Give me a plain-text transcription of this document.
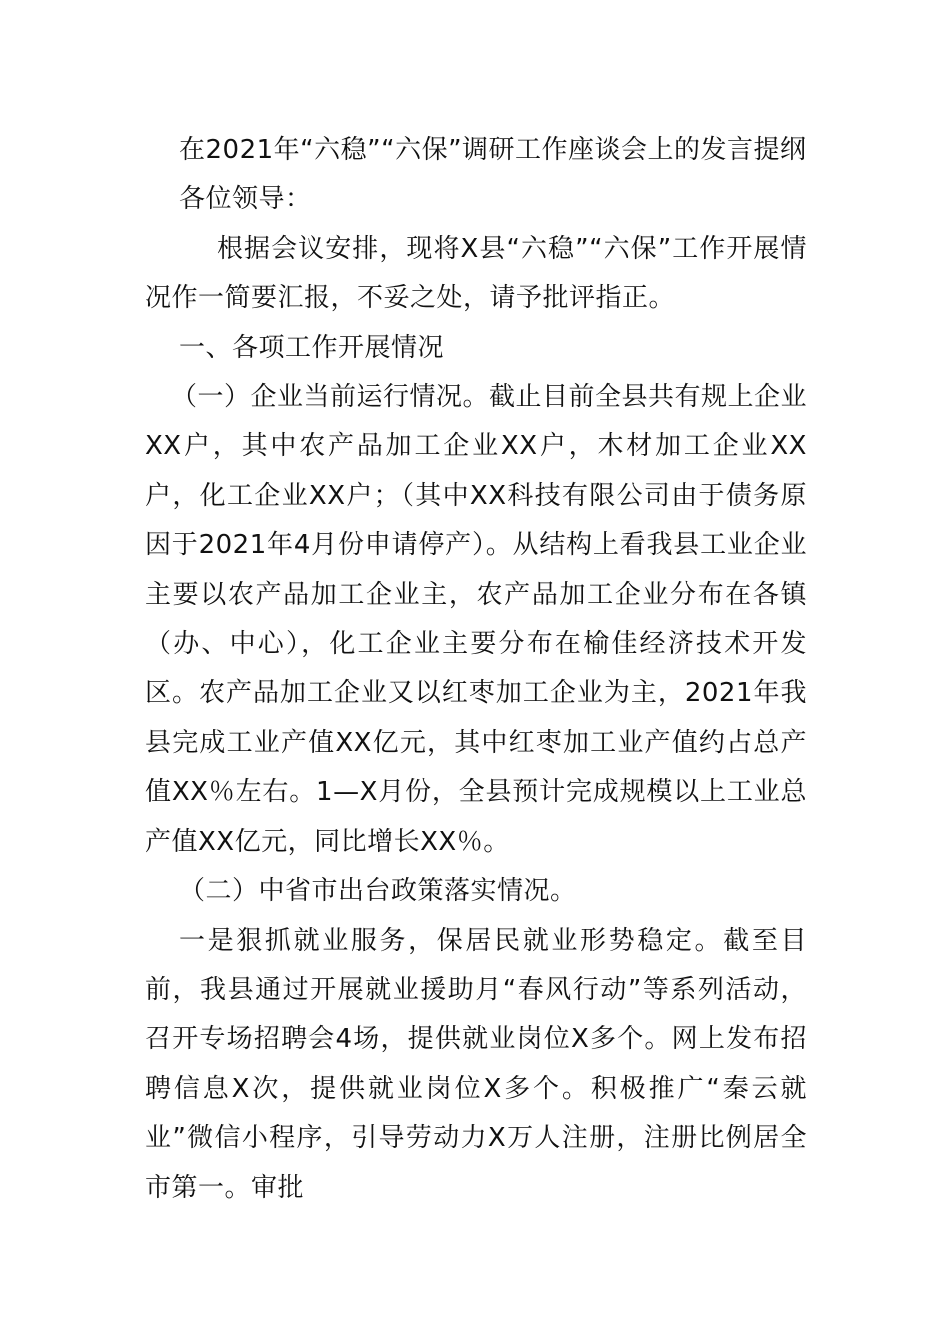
在2021年“六稳”“六保”调研工作座谈会上的发言提纲

各位领导：

根据会议安排，现将X县“六稳”“六保”工作开展情况作一简要汇报，不妥之处，请予批评指正。

一、各项工作开展情况

（一）企业当前运行情况。截止目前全县共有规上企业XX户，其中农产品加工企业XX户，木材加工企业XX户，化工企业XX户；（其中XX科技有限公司由于债务原因于2021年4月份申请停产）。从结构上看我县工业企业主要以农产品加工企业主，农产品加工企业分布在各镇（办、中心），化工企业主要分布在榆佳经济技术开发区。农产品加工企业又以红枣加工企业为主，2021年我县完成工业产值XX亿元，其中红枣加工业产值约占总产值XX％左右。1—X月份，全县预计完成规模以上工业总产值XX亿元，同比增长XX％。

（二）中省市出台政策落实情况。

一是狠抓就业服务，保居民就业形势稳定。截至目前，我县通过开展就业援助月“春风行动”等系列活动，召开专场招聘会4场，提供就业岗位X多个。网上发布招聘信息X次，提供就业岗位X多个。积极推广“秦云就业”微信小程序，引导劳动力X万人注册，注册比例居全市第一。审批
